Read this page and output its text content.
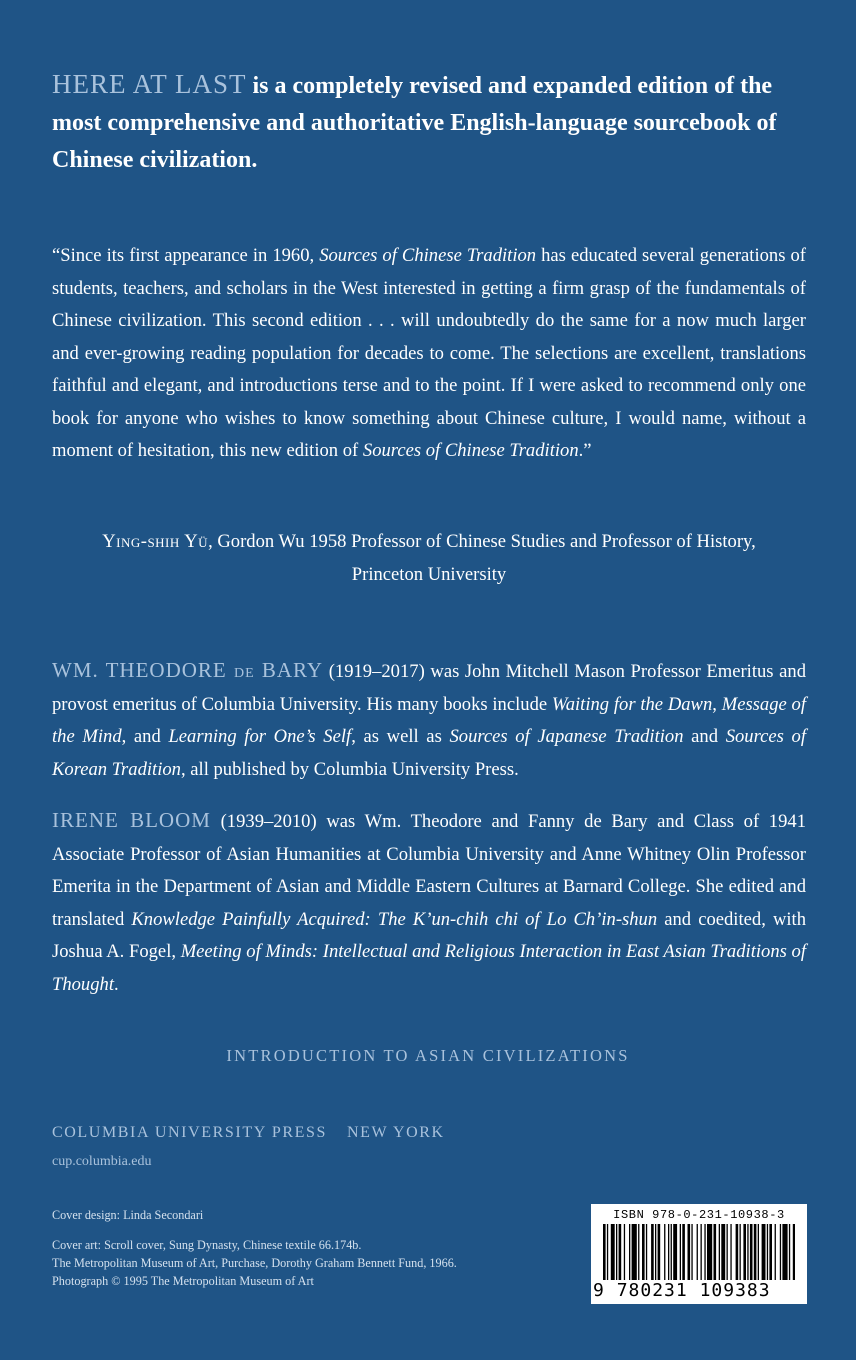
HERE AT LAST is a completely revised and expanded edition of the most comprehensive and authoritative English-language sourcebook of Chinese civilization.
“Since its first appearance in 1960, Sources of Chinese Tradition has educated several generations of students, teachers, and scholars in the West interested in getting a firm grasp of the fundamentals of Chinese civilization. This second edition . . . will undoubtedly do the same for a now much larger and ever-growing reading population for decades to come. The selections are excellent, translations faithful and elegant, and introductions terse and to the point. If I were asked to recommend only one book for anyone who wishes to know something about Chinese culture, I would name, without a moment of hesitation, this new edition of Sources of Chinese Tradition.”
Ying-shih Yü, Gordon Wu 1958 Professor of Chinese Studies and Professor of History,
Princeton University
WM. THEODORE de BARY (1919–2017) was John Mitchell Mason Professor Emeritus and provost emeritus of Columbia University. His many books include Waiting for the Dawn, Message of the Mind, and Learning for One’s Self, as well as Sources of Japanese Tradition and Sources of Korean Tradition, all published by Columbia University Press.
IRENE BLOOM (1939–2010) was Wm. Theodore and Fanny de Bary and Class of 1941 Associate Professor of Asian Humanities at Columbia University and Anne Whitney Olin Professor Emerita in the Department of Asian and Middle Eastern Cultures at Barnard College. She edited and translated Knowledge Painfully Acquired: The K’un-chih chi of Lo Ch’in-shun and coedited, with Joshua A. Fogel, Meeting of Minds: Intellectual and Religious Interaction in East Asian Traditions of Thought.
INTRODUCTION TO ASIAN CIVILIZATIONS
COLUMBIA UNIVERSITY PRESS NEW YORK
cup.columbia.edu
Cover design: Linda Secondari
Cover art: Scroll cover, Sung Dynasty, Chinese textile 66.174b.
The Metropolitan Museum of Art, Purchase, Dorothy Graham Bennett Fund, 1966.
Photograph © 1995 The Metropolitan Museum of Art
ISBN 978-0-231-10938-3
9 780231 109383
